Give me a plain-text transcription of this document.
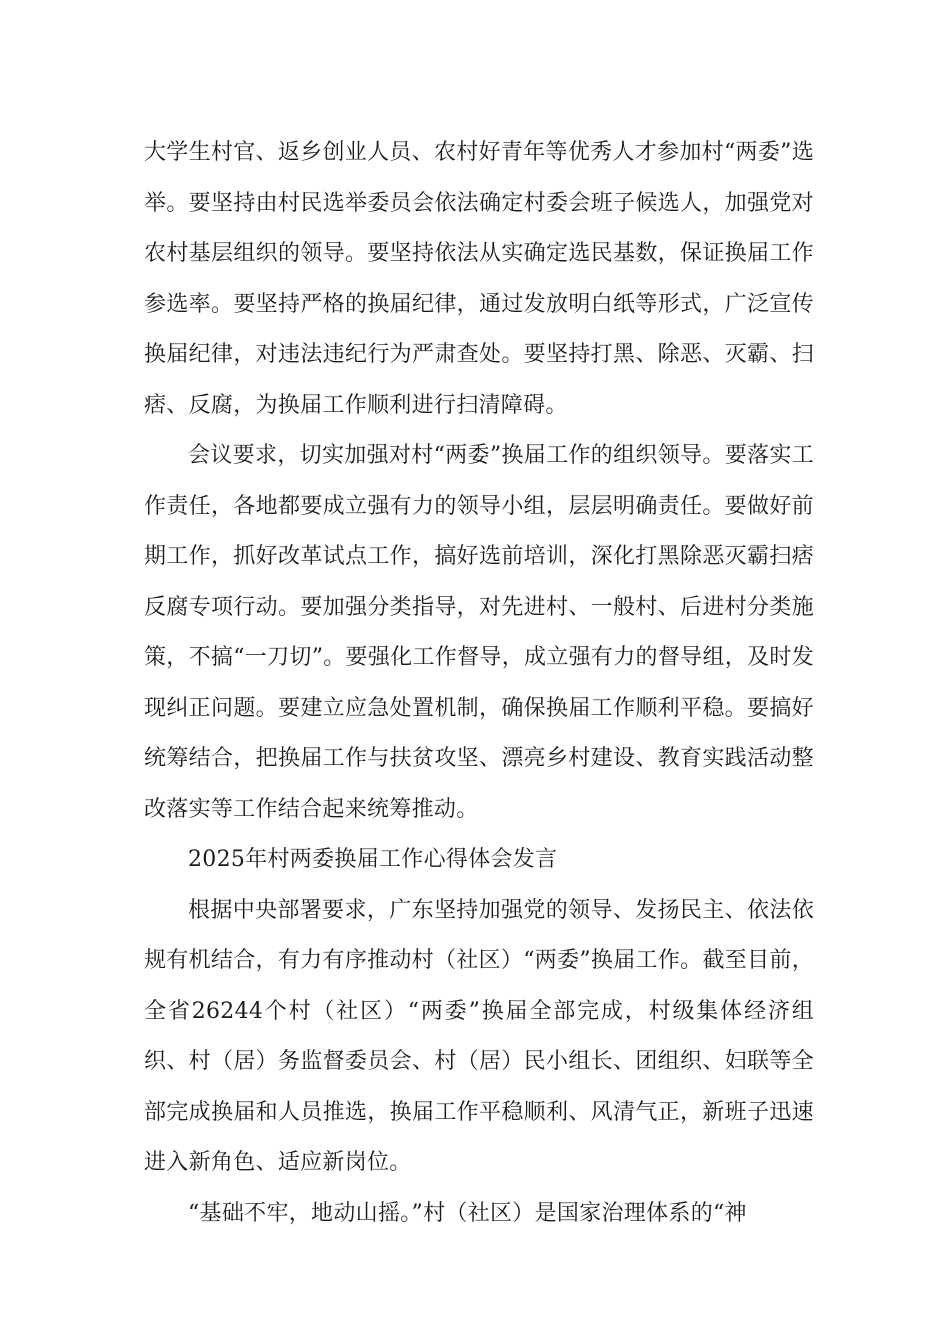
大学生村官、返乡创业人员、农村好青年等优秀人才参加村“两委”选举。要坚持由村民选举委员会依法确定村委会班子候选人，加强党对农村基层组织的领导。要坚持依法从实确定选民基数，保证换届工作参选率。要坚持严格的换届纪律，通过发放明白纸等形式，广泛宣传换届纪律，对违法违纪行为严肃查处。要坚持打黑、除恶、灭霸、扫痞、反腐，为换届工作顺利进行扫清障碍。

会议要求，切实加强对村“两委”换届工作的组织领导。要落实工作责任，各地都要成立强有力的领导小组，层层明确责任。要做好前期工作，抓好改革试点工作，搞好选前培训，深化打黑除恶灭霸扫痞反腐专项行动。要加强分类指导，对先进村、一般村、后进村分类施策，不搞“一刀切”。要强化工作督导，成立强有力的督导组，及时发现纠正问题。要建立应急处置机制，确保换届工作顺利平稳。要搞好统筹结合，把换届工作与扶贫攻坚、漂亮乡村建设、教育实践活动整改落实等工作结合起来统筹推动。

2025年村两委换届工作心得体会发言

根据中央部署要求，广东坚持加强党的领导、发扬民主、依法依规有机结合，有力有序推动村（社区）“两委”换届工作。截至目前，全省26244个村（社区）“两委”换届全部完成，村级集体经济组织、村（居）务监督委员会、村（居）民小组长、团组织、妇联等全部完成换届和人员推选，换届工作平稳顺利、风清气正，新班子迅速进入新角色、适应新岗位。

“基础不牢，地动山摇。”村（社区）是国家治理体系的“神
